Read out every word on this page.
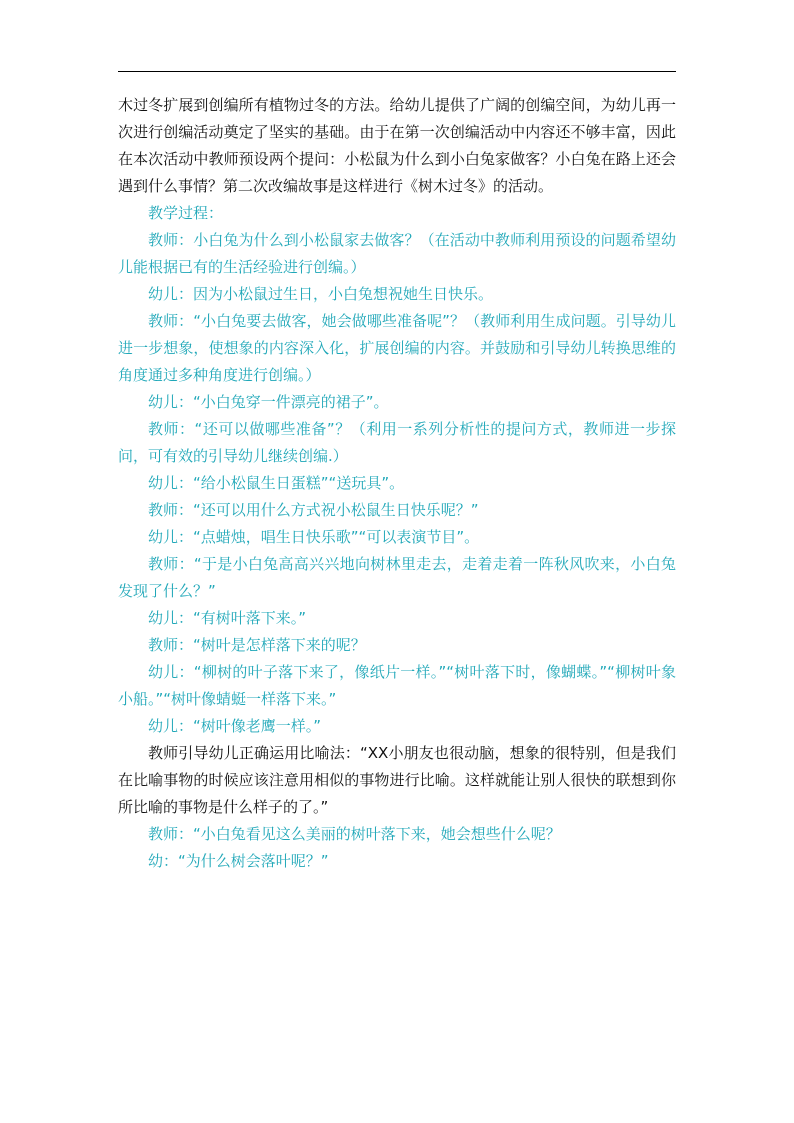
木过冬扩展到创编所有植物过冬的方法。给幼儿提供了广阔的创编空间，为幼儿再一次进行创编活动奠定了坚实的基础。由于在第一次创编活动中内容还不够丰富，因此在本次活动中教师预设两个提问：小松鼠为什么到小白兔家做客？小白兔在路上还会遇到什么事情？第二次改编故事是这样进行《树木过冬》的活动。

教学过程：

教师：小白兔为什么到小松鼠家去做客？（在活动中教师利用预设的问题希望幼儿能根据已有的生活经验进行创编。）

幼儿：因为小松鼠过生日，小白兔想祝她生日快乐。

教师：“小白兔要去做客，她会做哪些准备呢”？（教师利用生成问题。引导幼儿进一步想象，使想象的内容深入化，扩展创编的内容。并鼓励和引导幼儿转换思维的角度通过多种角度进行创编。）

幼儿：“小白兔穿一件漂亮的裙子”。

教师：“还可以做哪些准备”？（利用一系列分析性的提问方式，教师进一步探问，可有效的引导幼儿继续创编.）

幼儿：“给小松鼠生日蛋糕”“送玩具”。

教师：“还可以用什么方式祝小松鼠生日快乐呢？”

幼儿：“点蜡烛，唱生日快乐歌”“可以表演节目”。

教师：“于是小白兔高高兴兴地向树林里走去，走着走着一阵秋风吹来，小白兔发现了什么？”

幼儿：“有树叶落下来。”

教师：“树叶是怎样落下来的呢？

幼儿：“柳树的叶子落下来了，像纸片一样。”“树叶落下时，像蝴蝶。”“柳树叶象小船。”“树叶像蜻蜓一样落下来。”

幼儿：“树叶像老鹰一样。”

教师引导幼儿正确运用比喻法：“XX小朋友也很动脑，想象的很特别，但是我们在比喻事物的时候应该注意用相似的事物进行比喻。这样就能让别人很快的联想到你所比喻的事物是什么样子的了。”

教师：“小白兔看见这么美丽的树叶落下来，她会想些什么呢？

幼：“为什么树会落叶呢？”
